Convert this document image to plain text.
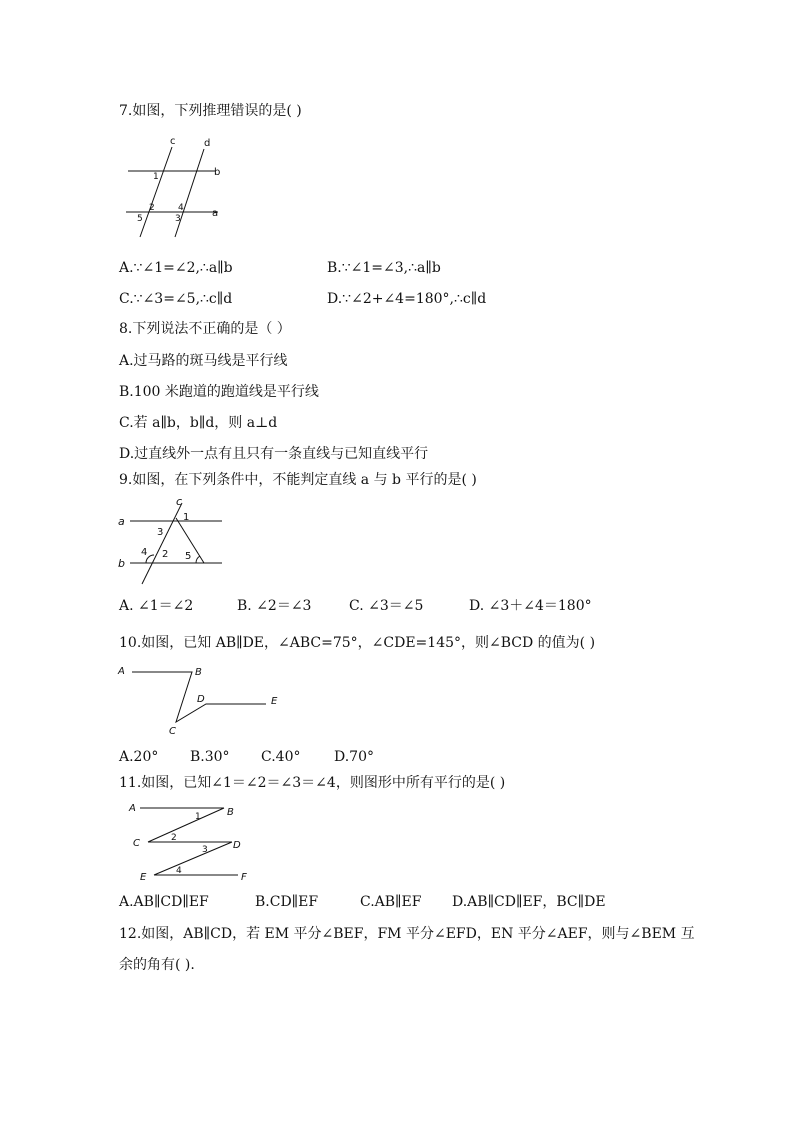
7.如图，下列推理错误的是( )
c	d
b
a
1
2
3
4
5
A.∵∠1=∠2,∴a∥b	B.∵∠1=∠3,∴a∥b
C.∵∠3=∠5,∴c∥d	D.∵∠2+∠4=180°,∴c∥d
8.下列说法不正确的是（ ）
A.过马路的斑马线是平行线
B.100 米跑道的跑道线是平行线
C.若 a∥b，b∥d，则 a⊥d
D.过直线外一点有且只有一条直线与已知直线平行
9.如图，在下列条件中，不能判定直线 a 与 b 平行的是( )
a
b
c
1
2
3
4	5
A. ∠1＝∠2	B. ∠2＝∠3	C. ∠3＝∠5	D. ∠3＋∠4＝180°
10.如图，已知 AB∥DE，∠ABC=75°，∠CDE=145°，则∠BCD 的值为( )
A	B
C
D	E
A.20° B.30° C.40° D.70°
11.如图，已知∠1＝∠2＝∠3＝∠4，则图形中所有平行的是( )
A	B
C	D
E	F
1
2
3
4
A.AB∥CD∥EF	B.CD∥EF	C.AB∥EF D.AB∥CD∥EF，BC∥DE
12.如图，AB∥CD，若 EM 平分∠BEF，FM 平分∠EFD，EN 平分∠AEF，则与∠BEM 互
余的角有( ).
